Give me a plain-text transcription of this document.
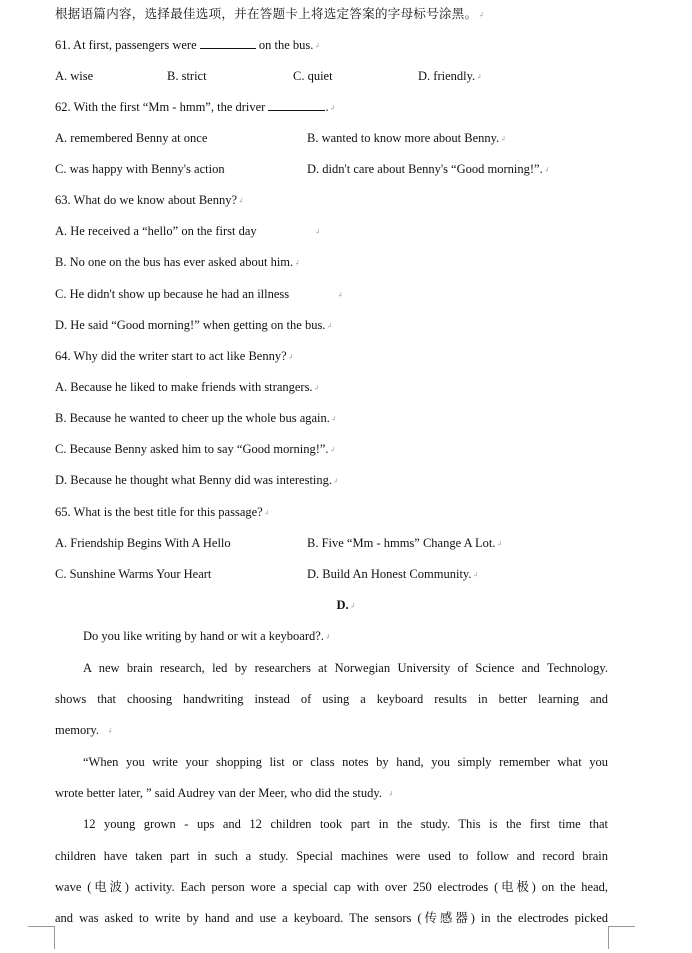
根据语篇内容，选择最佳选项，并在答题卡上将选定答案的字母标号涂黑。↲
61. At first, passengers were	on the bus.↲
A. wise	B. strict	C. quiet	D. friendly.↲
62. With the first “Mm - hmm”, the driver	.↲
A. remembered Benny at once	B. wanted to know more about Benny.↲
C. was happy with Benny's action	D. didn't care about Benny's “Good morning!”.↲
63. What do we know about Benny?↲
A. He received a “hello” on the first day	↲
B. No one on the bus has ever asked about him.↲
C. He didn't show up because he had an illness	↲
D. He said “Good morning!” when getting on the bus.↲
64. Why did the writer start to act like Benny?↲
A. Because he liked to make friends with strangers.↲
B. Because he wanted to cheer up the whole bus again.↲
C. Because Benny asked him to say “Good morning!”.↲
D. Because he thought what Benny did was interesting.↲
65. What is the best title for this passage?↲
A. Friendship Begins With A Hello	B. Five “Mm - hmms” Change A Lot.↲
C. Sunshine Warms Your Heart	D. Build An Honest Community.↲
D.↲
Do you like writing by hand or wit a keyboard?.↲
A new brain research, led by researchers at Norwegian University of Science and Technology.
shows that choosing handwriting instead of using a keyboard results in better learning and
memory. ↲
“When you write your shopping list or class notes by hand, you simply remember what you
wrote better later, ” said Audrey van der Meer, who did the study. ↲
12 young grown - ups and 12 children took part in the study. This is the first time that
children have taken part in such a study. Special machines were used to follow and record brain
wave (电波) activity. Each person wore a special cap with over 250 electrodes (电极) on the head,
and was asked to write by hand and use a keyboard. The sensors (传感器) in the electrodes picked
